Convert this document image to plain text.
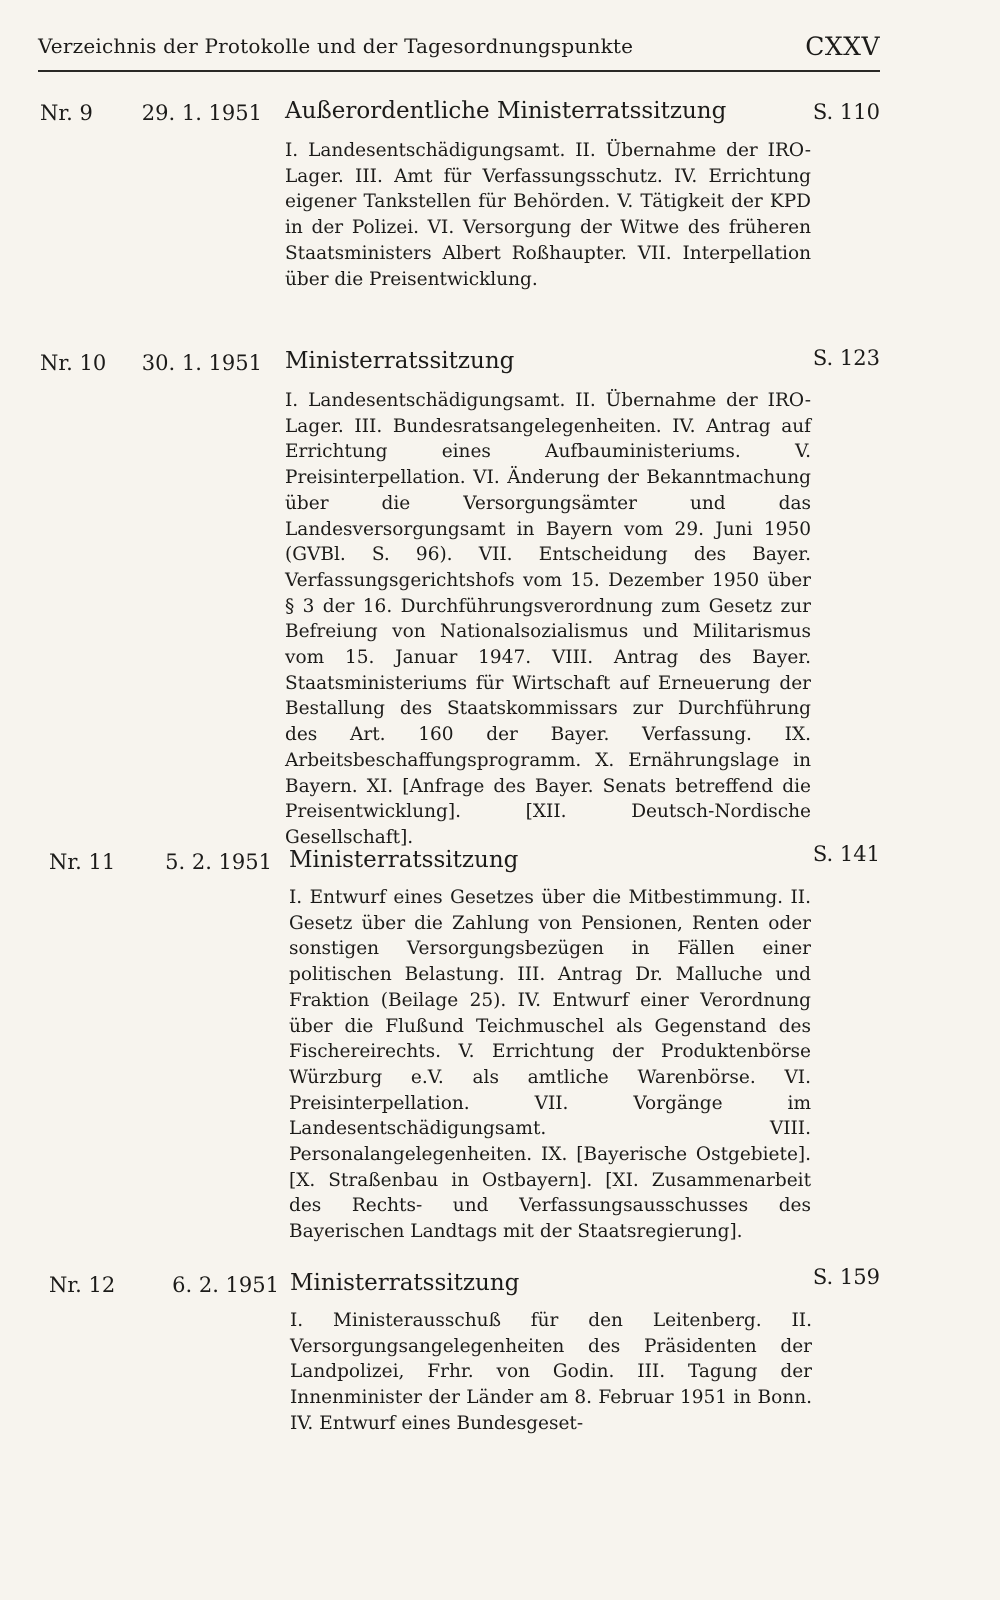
Verzeichnis der Protokolle und der Tagesordnungspunkte	CXXV
Nr. 9	29. 1. 1951 Außerordentliche Ministerratssitzung	S. 110
I. Landesentschädigungsamt. II. Übernahme der IRO-Lager. III. Amt für Verfassungsschutz. IV. Errichtung eigener Tankstellen für Behörden. V. Tätigkeit der KPD in der Polizei. VI. Versorgung der Witwe des früheren Staatsministers Albert Roßhaupter. VII. Interpellation über die Preisentwicklung.
Nr. 10	30. 1. 1951 Ministerratssitzung	S. 123
I. Landesentschädigungsamt. II. Übernahme der IRO-Lager. III. Bundesratsangelegenheiten. IV. Antrag auf Errichtung eines Aufbauministeriums. V. Preisinterpellation. VI. Änderung der Bekanntmachung über die Versorgungsämter und das Landesversorgungsamt in Bayern vom 29. Juni 1950 (GVBl. S. 96). VII. Entscheidung des Bayer. Verfassungsgerichtshofs vom 15. Dezember 1950 über § 3 der 16. Durchführungsverordnung zum Gesetz zur Befreiung von Nationalsozialismus und Militarismus vom 15. Januar 1947. VIII. Antrag des Bayer. Staatsministeriums für Wirtschaft auf Erneuerung der Bestallung des Staatskommissars zur Durchführung des Art. 160 der Bayer. Verfassung. IX. Arbeitsbeschaffungsprogramm. X. Ernährungslage in Bayern. XI. [Anfrage des Bayer. Senats betreffend die Preisentwicklung]. [XII. Deutsch-Nordische Gesellschaft].
Nr. 11	5. 2. 1951 Ministerratssitzung	S. 141
I. Entwurf eines Gesetzes über die Mitbestimmung. II. Gesetz über die Zahlung von Pensionen, Renten oder sonstigen Versorgungsbezügen in Fällen einer politischen Belastung. III. Antrag Dr. Malluche und Fraktion (Beilage 25). IV. Entwurf einer Verordnung über die Flußund Teichmuschel als Gegenstand des Fischereirechts. V. Errichtung der Produktenbörse Würzburg e.V. als amtliche Warenbörse. VI. Preisinterpellation. VII. Vorgänge im Landesentschädigungsamt. VIII. Personalangelegenheiten. IX. [Bayerische Ostgebiete]. [X. Straßenbau in Ostbayern]. [XI. Zusammenarbeit des Rechts- und Verfassungsausschusses des Bayerischen Landtags mit der Staatsregierung].
Nr. 12	6. 2. 1951 Ministerratssitzung	S. 159
I. Ministerausschuß für den Leitenberg. II. Versorgungsangelegenheiten des Präsidenten der Landpolizei, Frhr. von Godin. III. Tagung der Innenminister der Länder am 8. Februar 1951 in Bonn. IV. Entwurf eines Bundesgeset-
